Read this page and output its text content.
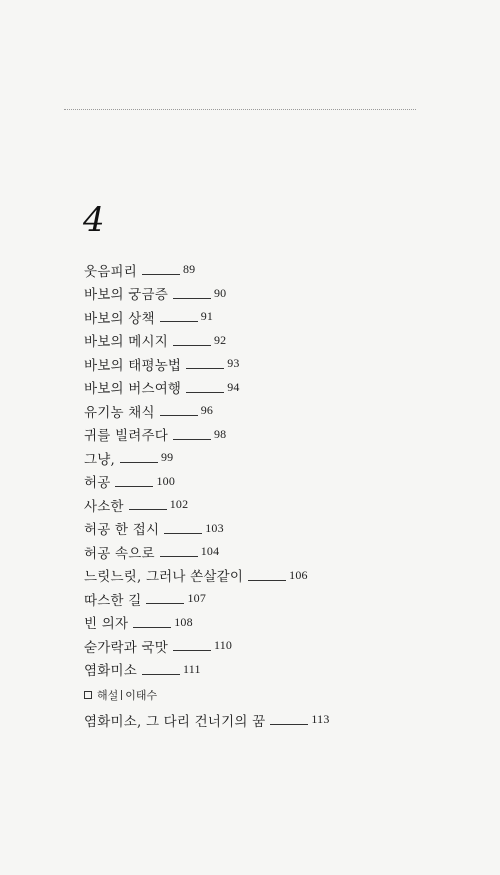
4
웃음피리	89
바보의 궁금증	90
바보의 상책	91
바보의 메시지	92
바보의 태평농법	93
바보의 버스여행	94
유기농 채식	96
귀를 빌려주다	98
그냥,	99
허공	100
사소한	102
허공 한 접시	103
허공 속으로	104
느릿느릿, 그러나 쏜살같이	106
따스한 길	107
빈 의자	108
숟가락과 국맛	110
염화미소	111
해설 이태수
염화미소, 그 다리 건너기의 꿈	113
